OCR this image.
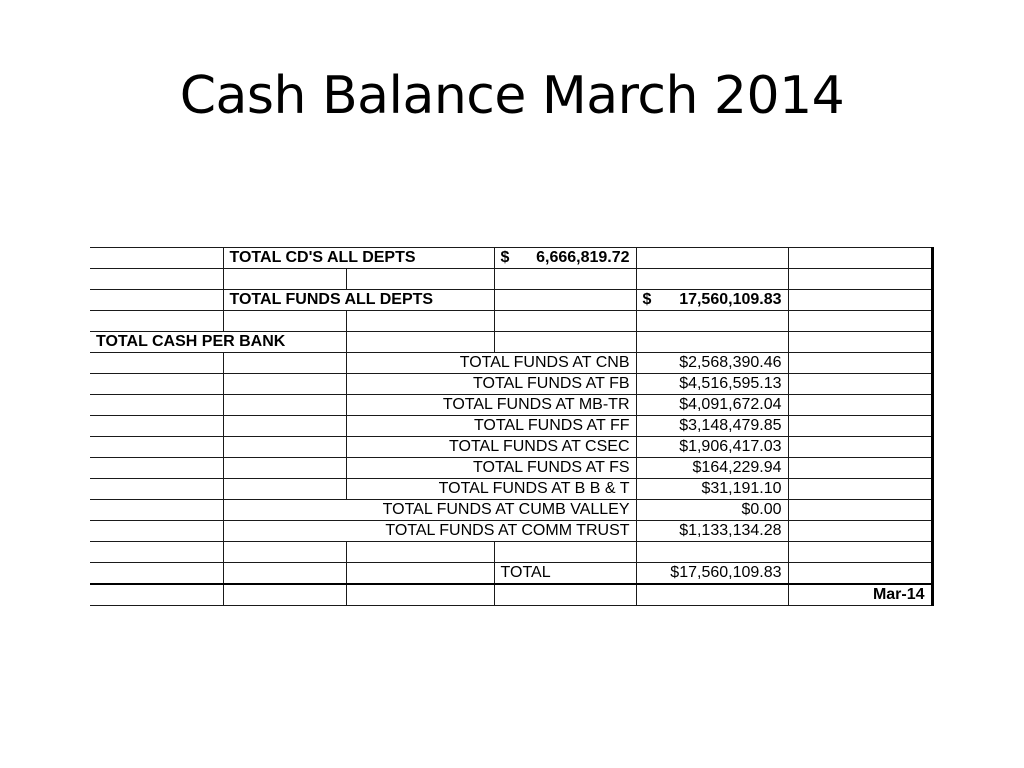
Cash Balance March 2014
	TOTAL CD'S ALL DEPTS		$ 6,666,819.72		

	TOTAL FUNDS ALL DEPTS			$ 17,560,109.83	

TOTAL CASH PER BANK					
		TOTAL FUNDS AT CNB		$2,568,390.46	
		TOTAL FUNDS AT FB		$4,516,595.13	
		TOTAL FUNDS AT MB-TR		$4,091,672.04	
		TOTAL FUNDS AT FF		$3,148,479.85	
		TOTAL FUNDS AT CSEC		$1,906,417.03	
		TOTAL FUNDS AT FS		$164,229.94	
		TOTAL FUNDS AT B B & T		$31,191.10	
	TOTAL FUNDS AT CUMB VALLEY			$0.00	
	TOTAL FUNDS AT COMM TRUST			$1,133,134.28	

			TOTAL	$17,560,109.83	
					Mar-14
